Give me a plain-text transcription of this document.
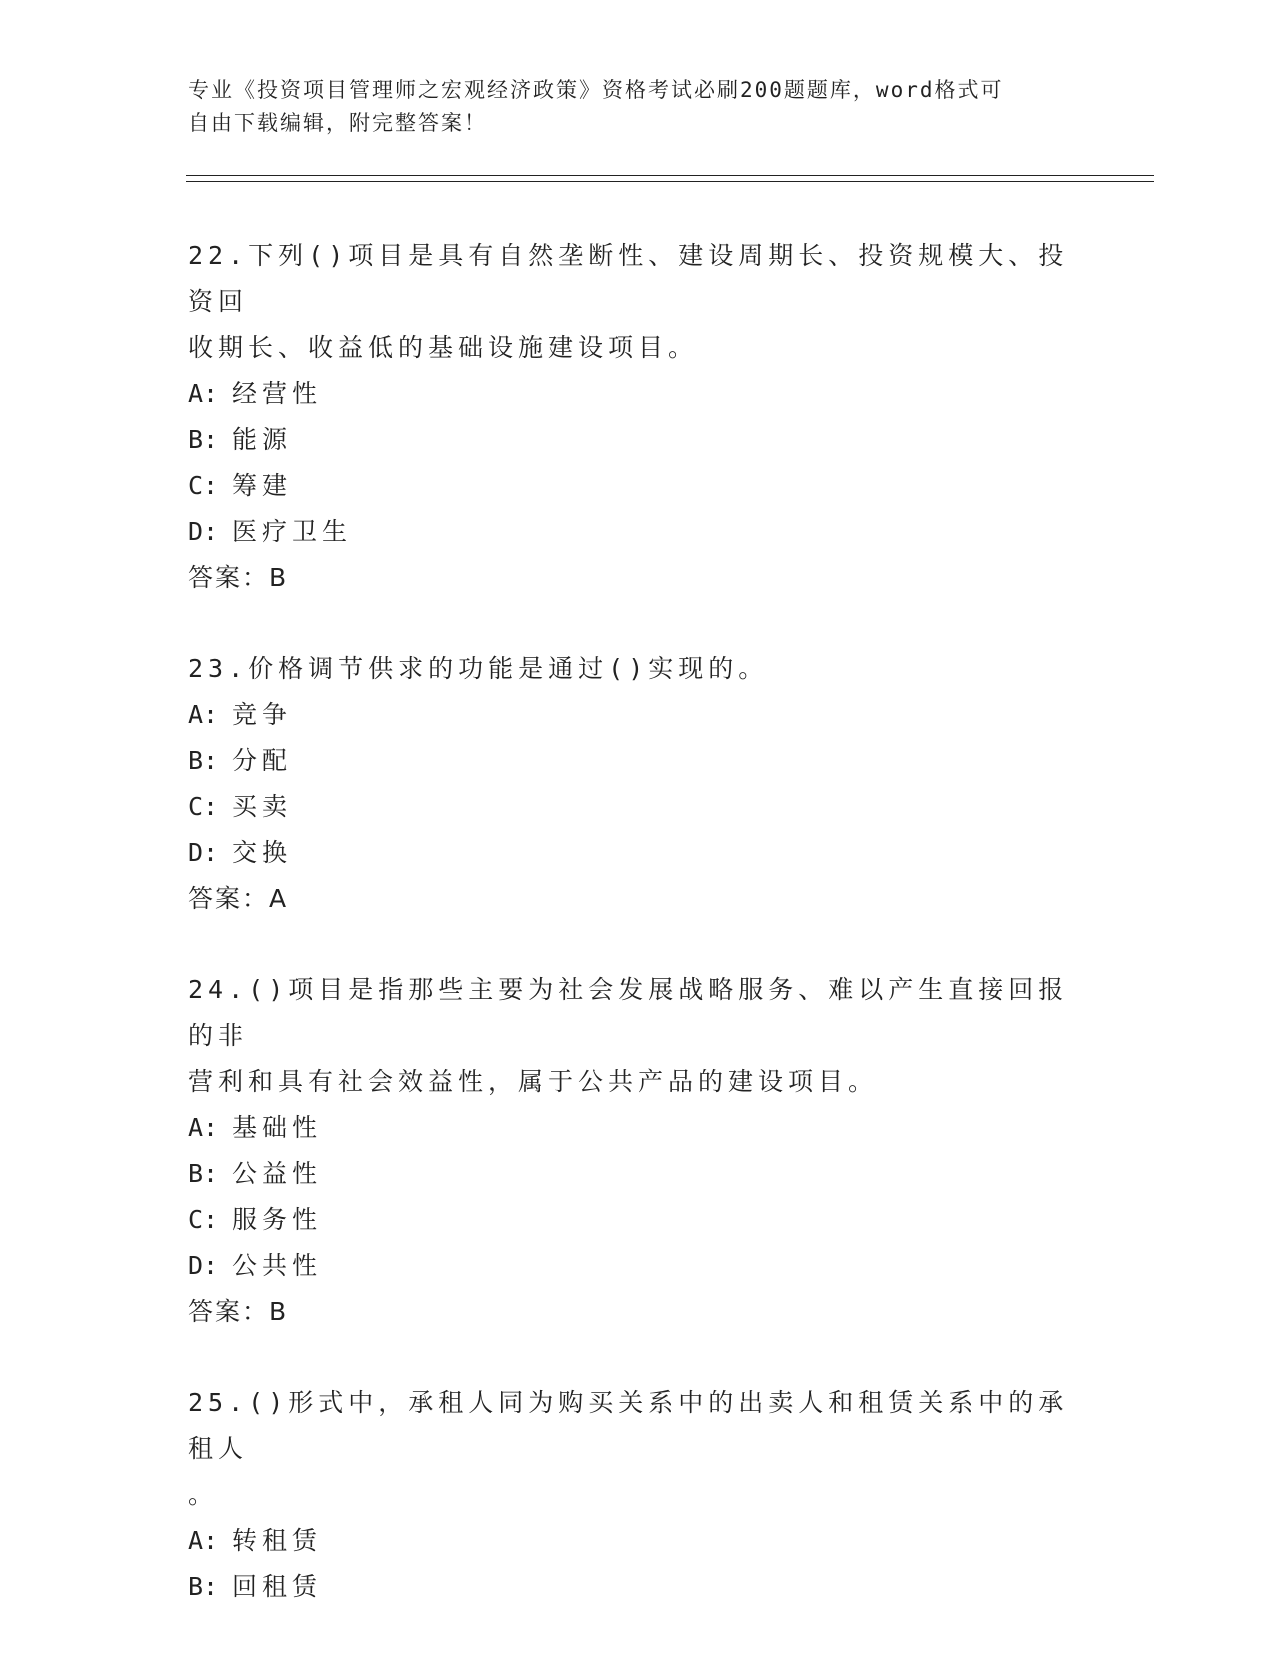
专业《投资项目管理师之宏观经济政策》资格考试必刷200题题库，word格式可
自由下载编辑，附完整答案！
22.下列()项目是具有自然垄断性、建设周期长、投资规模大、投资回
收期长、收益低的基础设施建设项目。
A: 经营性
B: 能源
C: 筹建
D: 医疗卫生
答案：B
23.价格调节供求的功能是通过()实现的。
A: 竞争
B: 分配
C: 买卖
D: 交换
答案：A
24.()项目是指那些主要为社会发展战略服务、难以产生直接回报的非
营利和具有社会效益性，属于公共产品的建设项目。
A: 基础性
B: 公益性
C: 服务性
D: 公共性
答案：B
25.()形式中，承租人同为购买关系中的出卖人和租赁关系中的承租人
。
A: 转租赁
B: 回租赁
